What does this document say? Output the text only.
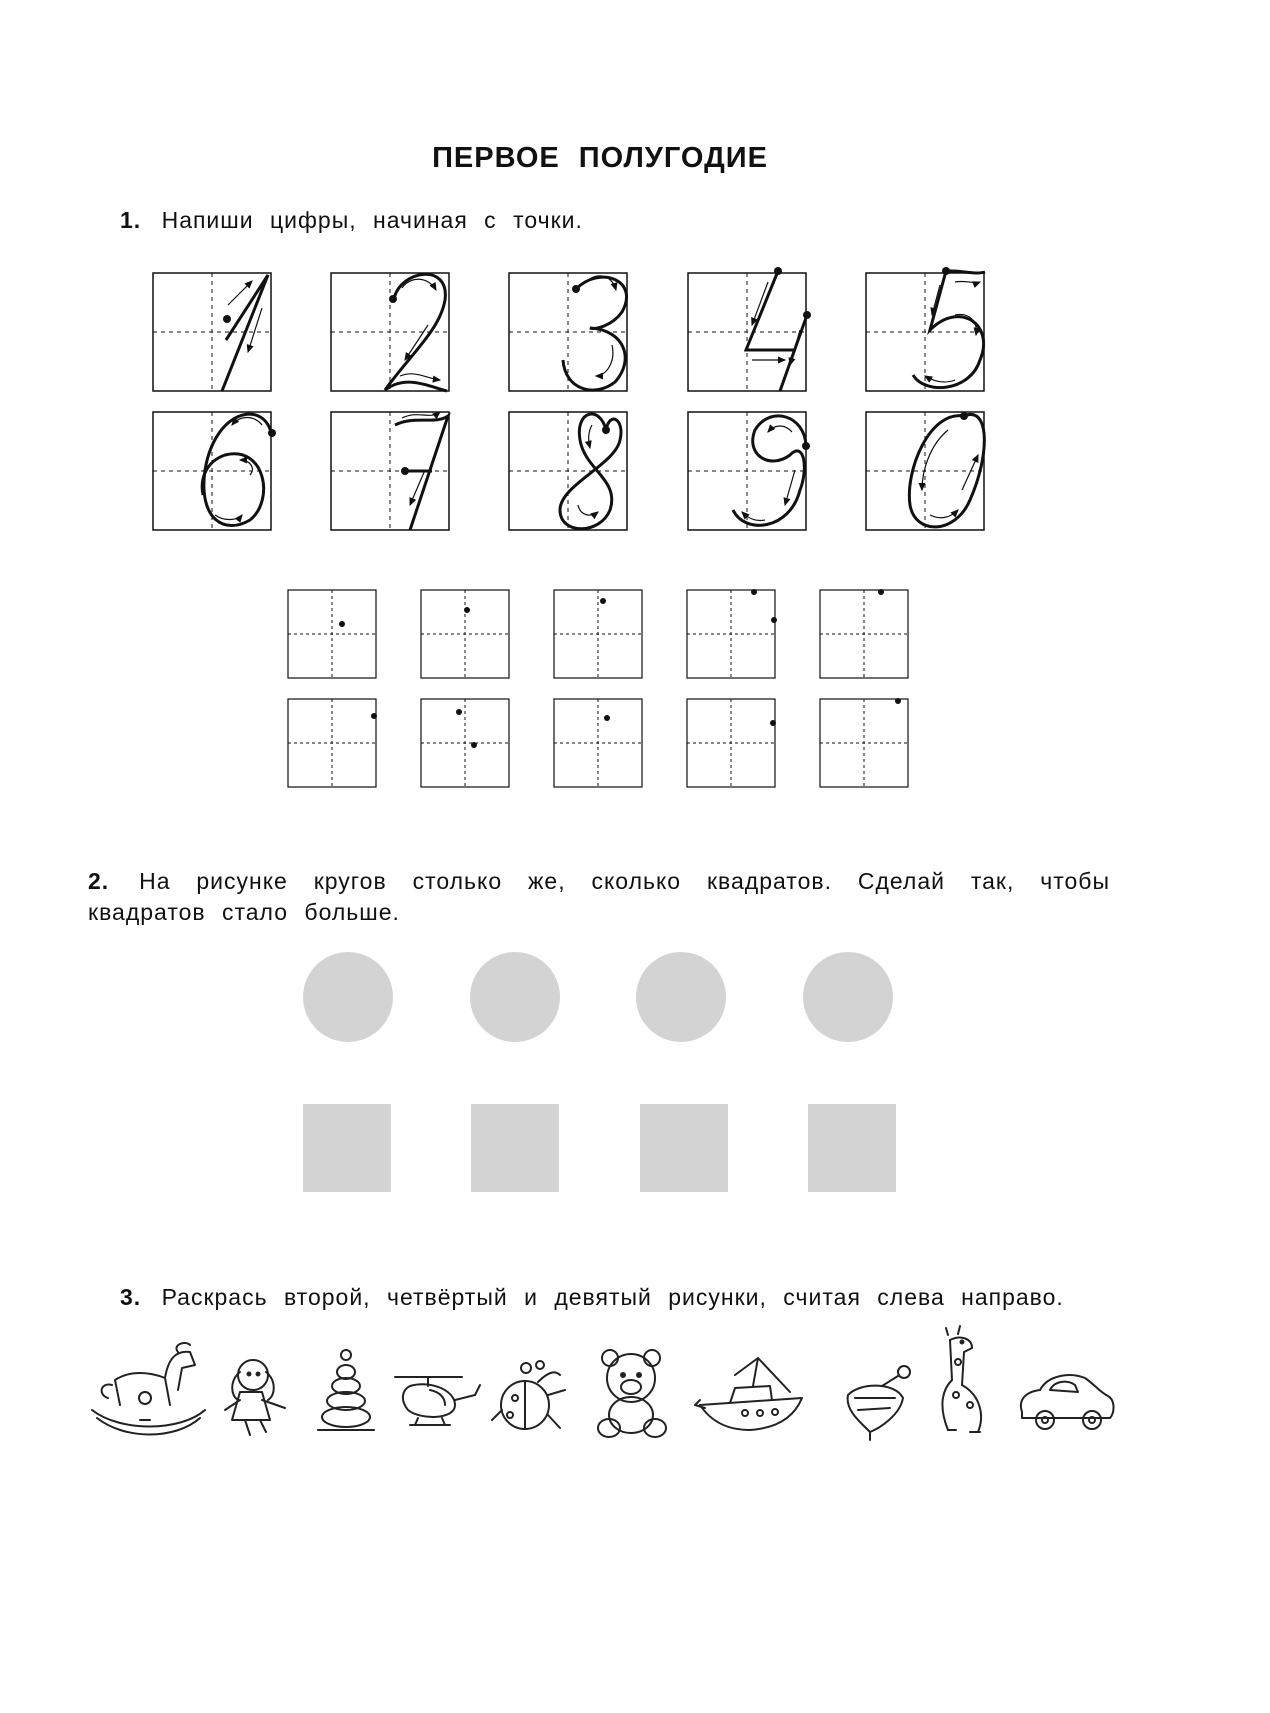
ПЕРВОЕ ПОЛУГОДИЕ
1. Напиши цифры, начиная с точки.
2. На рисунке кругов столько же, сколько квадратов. Сделай так, чтобы квадратов стало больше.
3. Раскрась второй, четвёртый и девятый рисунки, считая слева направо.
